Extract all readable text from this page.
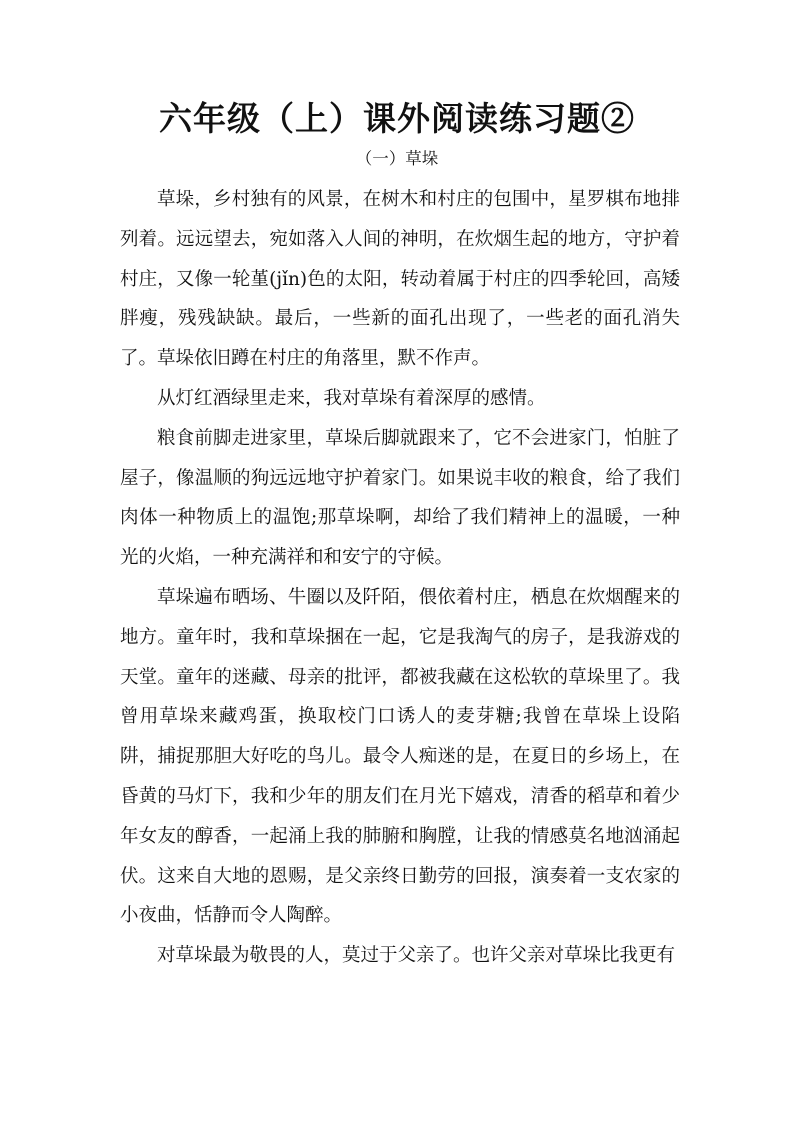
六年级（上）课外阅读练习题②
（一）草垛

草垛，乡村独有的风景，在树木和村庄的包围中，星罗棋布地排列着。远远望去，宛如落入人间的神明，在炊烟生起的地方，守护着村庄，又像一轮堇(jǐn)色的太阳，转动着属于村庄的四季轮回，高矮胖瘦，残残缺缺。最后，一些新的面孔出现了，一些老的面孔消失了。草垛依旧蹲在村庄的角落里，默不作声。

从灯红酒绿里走来，我对草垛有着深厚的感情。

粮食前脚走进家里，草垛后脚就跟来了，它不会进家门，怕脏了屋子，像温顺的狗远远地守护着家门。如果说丰收的粮食，给了我们肉体一种物质上的温饱;那草垛啊，却给了我们精神上的温暖，一种光的火焰，一种充满祥和和安宁的守候。

草垛遍布晒场、牛圈以及阡陌，偎依着村庄，栖息在炊烟醒来的地方。童年时，我和草垛捆在一起，它是我淘气的房子，是我游戏的天堂。童年的迷藏、母亲的批评，都被我藏在这松软的草垛里了。我曾用草垛来藏鸡蛋，换取校门口诱人的麦芽糖;我曾在草垛上设陷阱，捕捉那胆大好吃的鸟儿。最令人痴迷的是，在夏日的乡场上，在昏黄的马灯下，我和少年的朋友们在月光下嬉戏，清香的稻草和着少年女友的醇香，一起涌上我的肺腑和胸膛，让我的情感莫名地汹涌起伏。这来自大地的恩赐，是父亲终日勤劳的回报，演奏着一支农家的小夜曲，恬静而令人陶醉。

对草垛最为敬畏的人，莫过于父亲了。也许父亲对草垛比我更有
